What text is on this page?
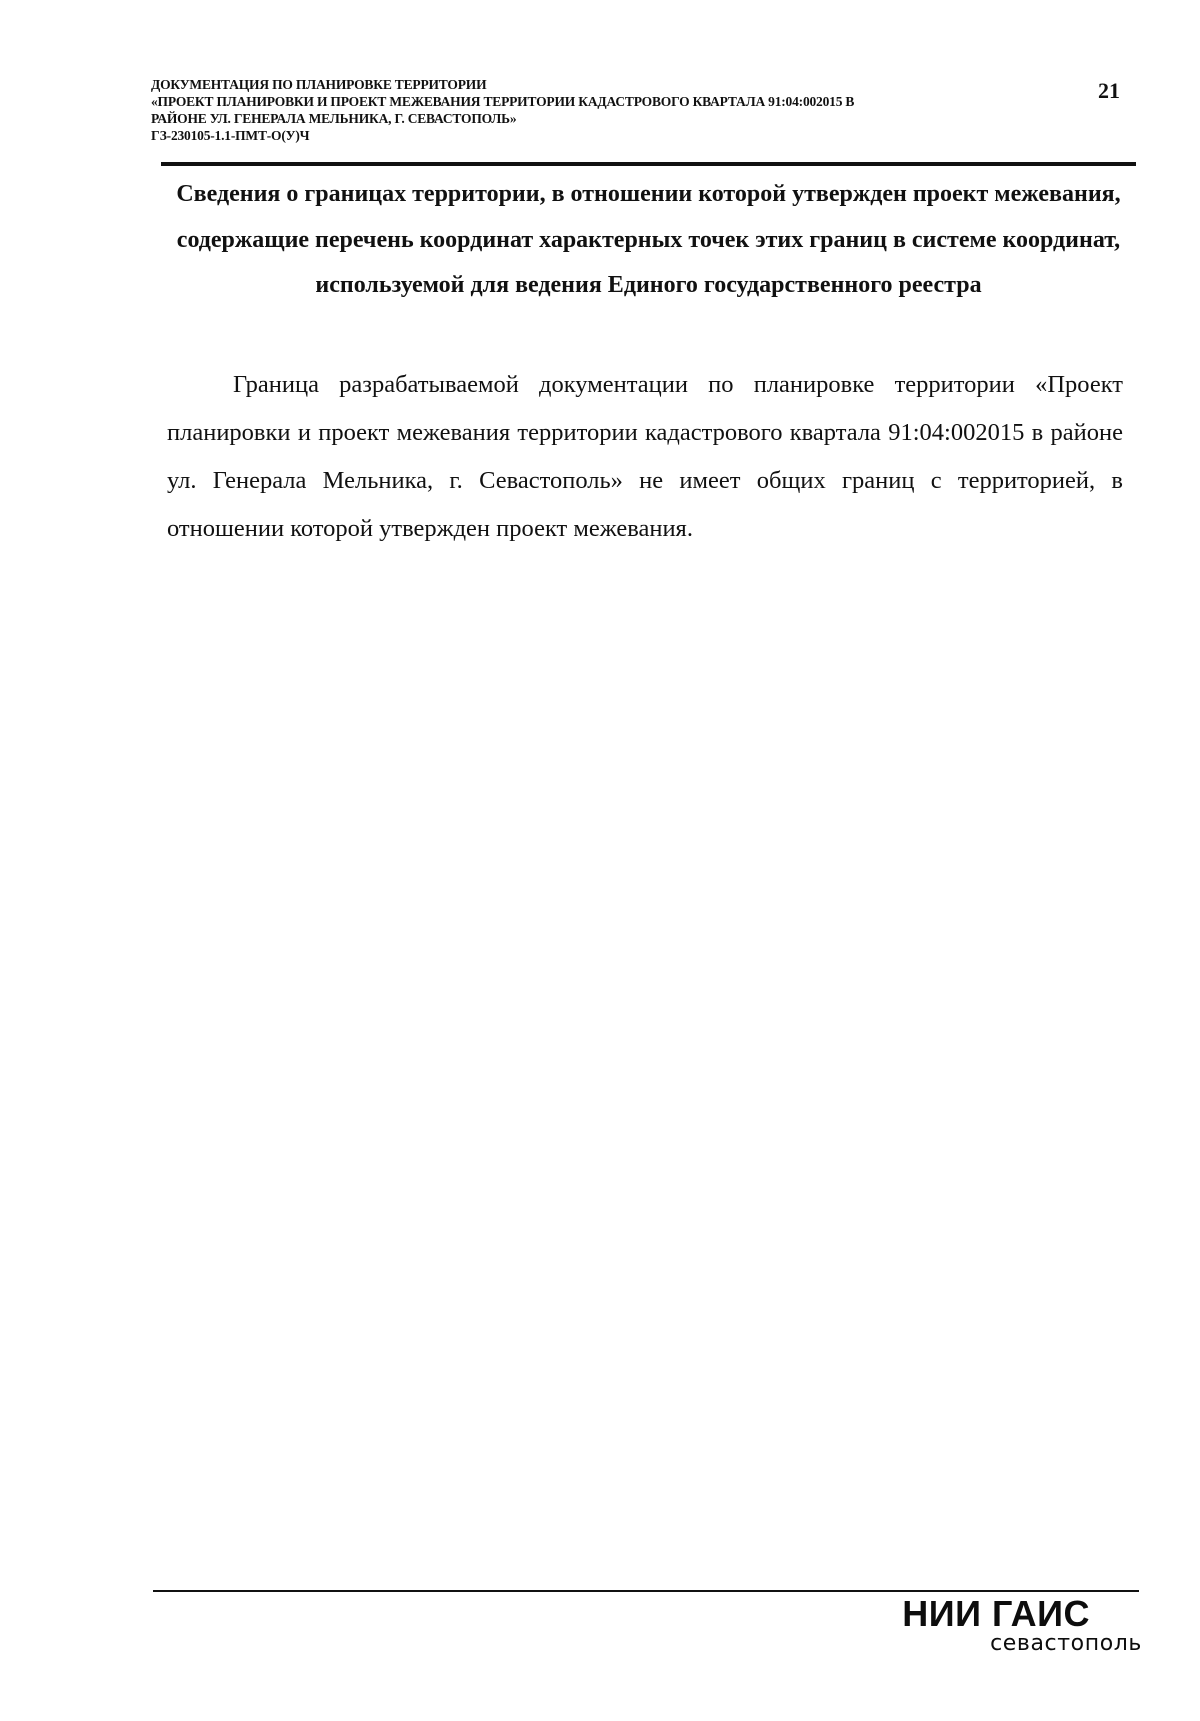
ДОКУМЕНТАЦИЯ ПО ПЛАНИРОВКЕ ТЕРРИТОРИИ
«ПРОЕКТ ПЛАНИРОВКИ И ПРОЕКТ МЕЖЕВАНИЯ ТЕРРИТОРИИ КАДАСТРОВОГО КВАРТАЛА 91:04:002015 В
РАЙОНЕ УЛ. ГЕНЕРАЛА МЕЛЬНИКА, Г. СЕВАСТОПОЛЬ»
ГЗ-230105-1.1-ПМТ-О(У)Ч
21
Сведения о границах территории, в отношении которой утвержден проект межевания, содержащие перечень координат характерных точек этих границ в системе координат, используемой для ведения Единого государственного реестра

Граница разрабатываемой документации по планировке территории «Проект планировки и проект межевания территории кадастрового квартала 91:04:002015 в районе ул. Генерала Мельника, г. Севастополь» не имеет общих границ с территорией, в отношении которой утвержден проект межевания.

НИИ ГАИС
севастополь
